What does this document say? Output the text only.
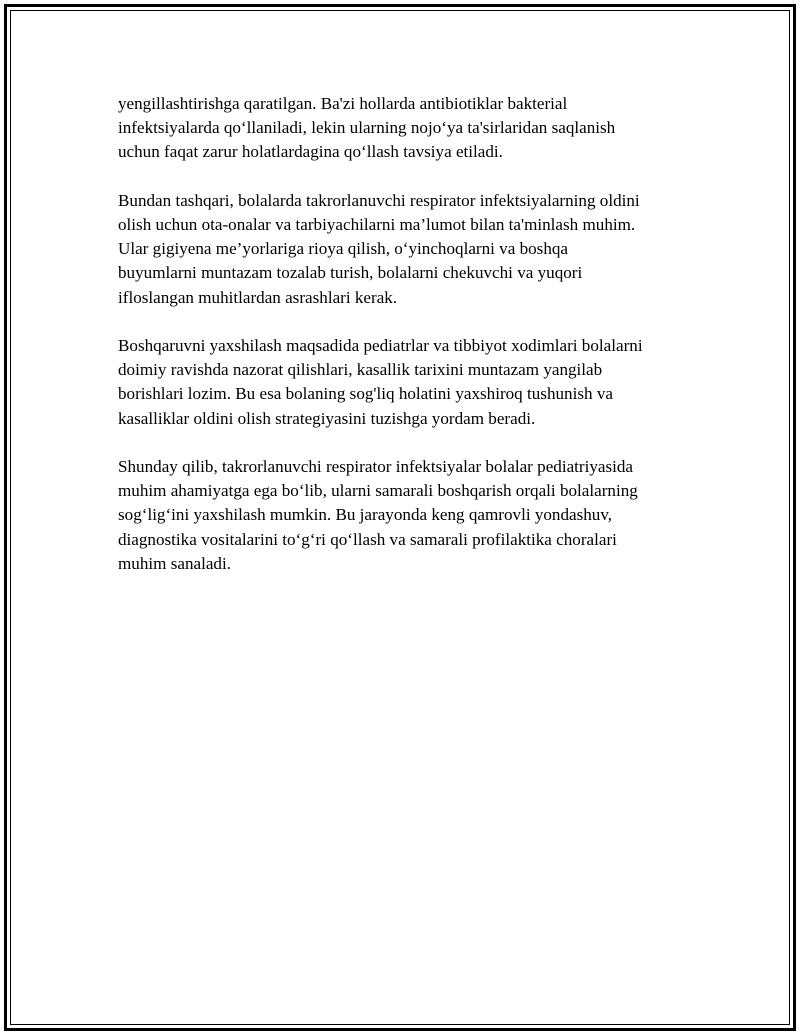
yengillashtirishga qaratilgan. Ba'zi hollarda antibiotiklar bakterial
infektsiyalarda qo‘llaniladi, lekin ularning nojo‘ya ta'sirlaridan saqlanish
uchun faqat zarur holatlardagina qo‘llash tavsiya etiladi.

Bundan tashqari, bolalarda takrorlanuvchi respirator infektsiyalarning oldini
olish uchun ota-onalar va tarbiyachilarni ma’lumot bilan ta'minlash muhim.
Ular gigiyena me’yorlariga rioya qilish, o‘yinchoqlarni va boshqa
buyumlarni muntazam tozalab turish, bolalarni chekuvchi va yuqori
ifloslangan muhitlardan asrashlari kerak.

Boshqaruvni yaxshilash maqsadida pediatrlar va tibbiyot xodimlari bolalarni
doimiy ravishda nazorat qilishlari, kasallik tarixini muntazam yangilab
borishlari lozim. Bu esa bolaning sog'liq holatini yaxshiroq tushunish va
kasalliklar oldini olish strategiyasini tuzishga yordam beradi.

Shunday qilib, takrorlanuvchi respirator infektsiyalar bolalar pediatriyasida
muhim ahamiyatga ega bo‘lib, ularni samarali boshqarish orqali bolalarning
sog‘lig‘ini yaxshilash mumkin. Bu jarayonda keng qamrovli yondashuv,
diagnostika vositalarini to‘g‘ri qo‘llash va samarali profilaktika choralari
muhim sanaladi.
